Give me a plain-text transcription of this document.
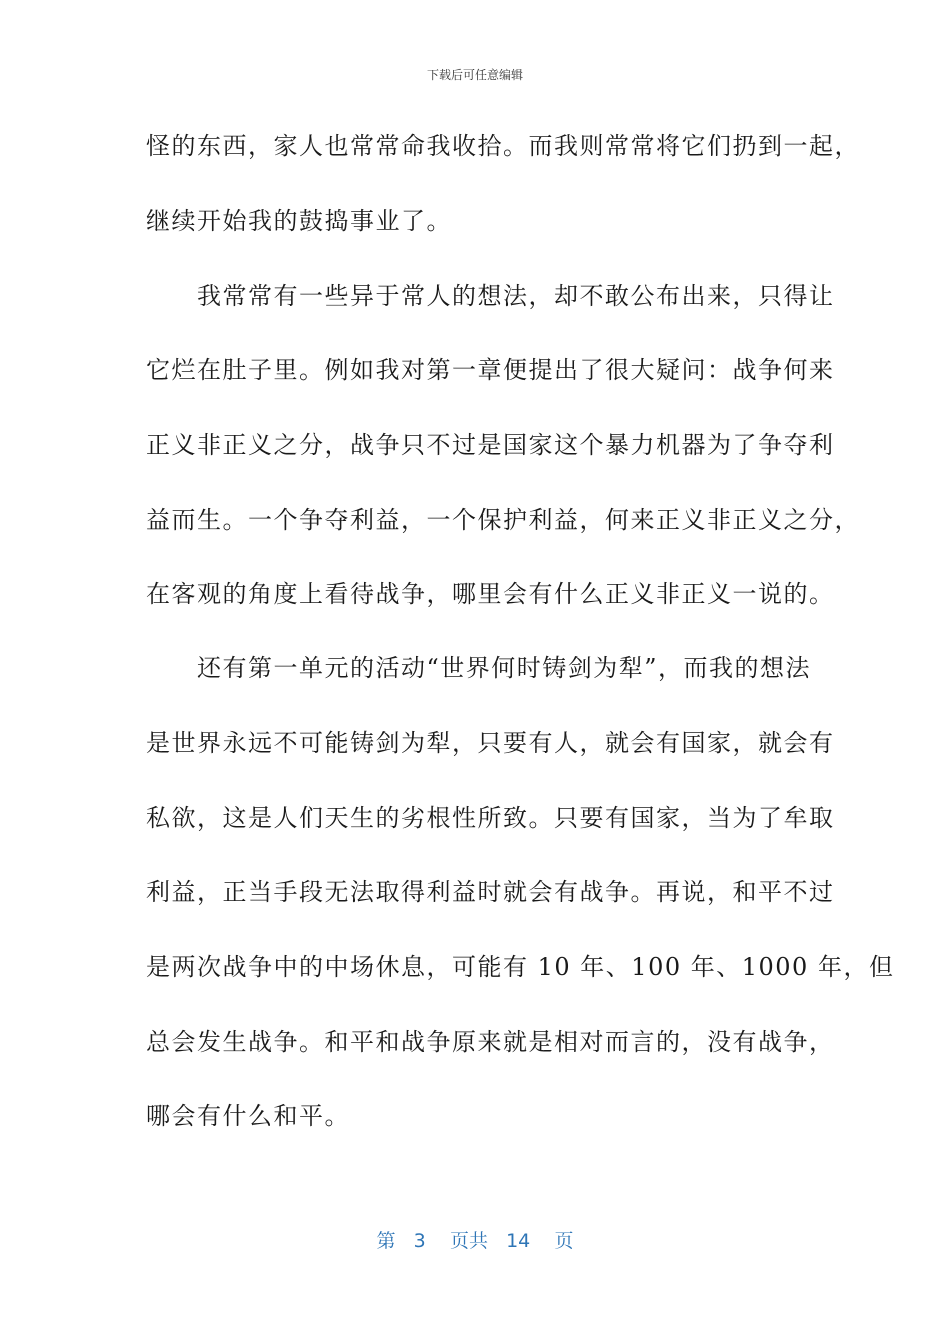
下载后可任意编辑
怪的东西，家人也常常命我收拾。而我则常常将它们扔到一起，
继续开始我的鼓捣事业了。
　　我常常有一些异于常人的想法，却不敢公布出来，只得让
它烂在肚子里。例如我对第一章便提出了很大疑问：战争何来
正义非正义之分，战争只不过是国家这个暴力机器为了争夺利
益而生。一个争夺利益，一个保护利益，何来正义非正义之分，
在客观的角度上看待战争，哪里会有什么正义非正义一说的。
　　还有第一单元的活动“世界何时铸剑为犁”，而我的想法
是世界永远不可能铸剑为犁，只要有人，就会有国家，就会有
私欲，这是人们天生的劣根性所致。只要有国家，当为了牟取
利益，正当手段无法取得利益时就会有战争。再说，和平不过
是两次战争中的中场休息，可能有 10 年、100 年、1000 年，但
总会发生战争。和平和战争原来就是相对而言的，没有战争，
哪会有什么和平。
第 3 页共 14 页
